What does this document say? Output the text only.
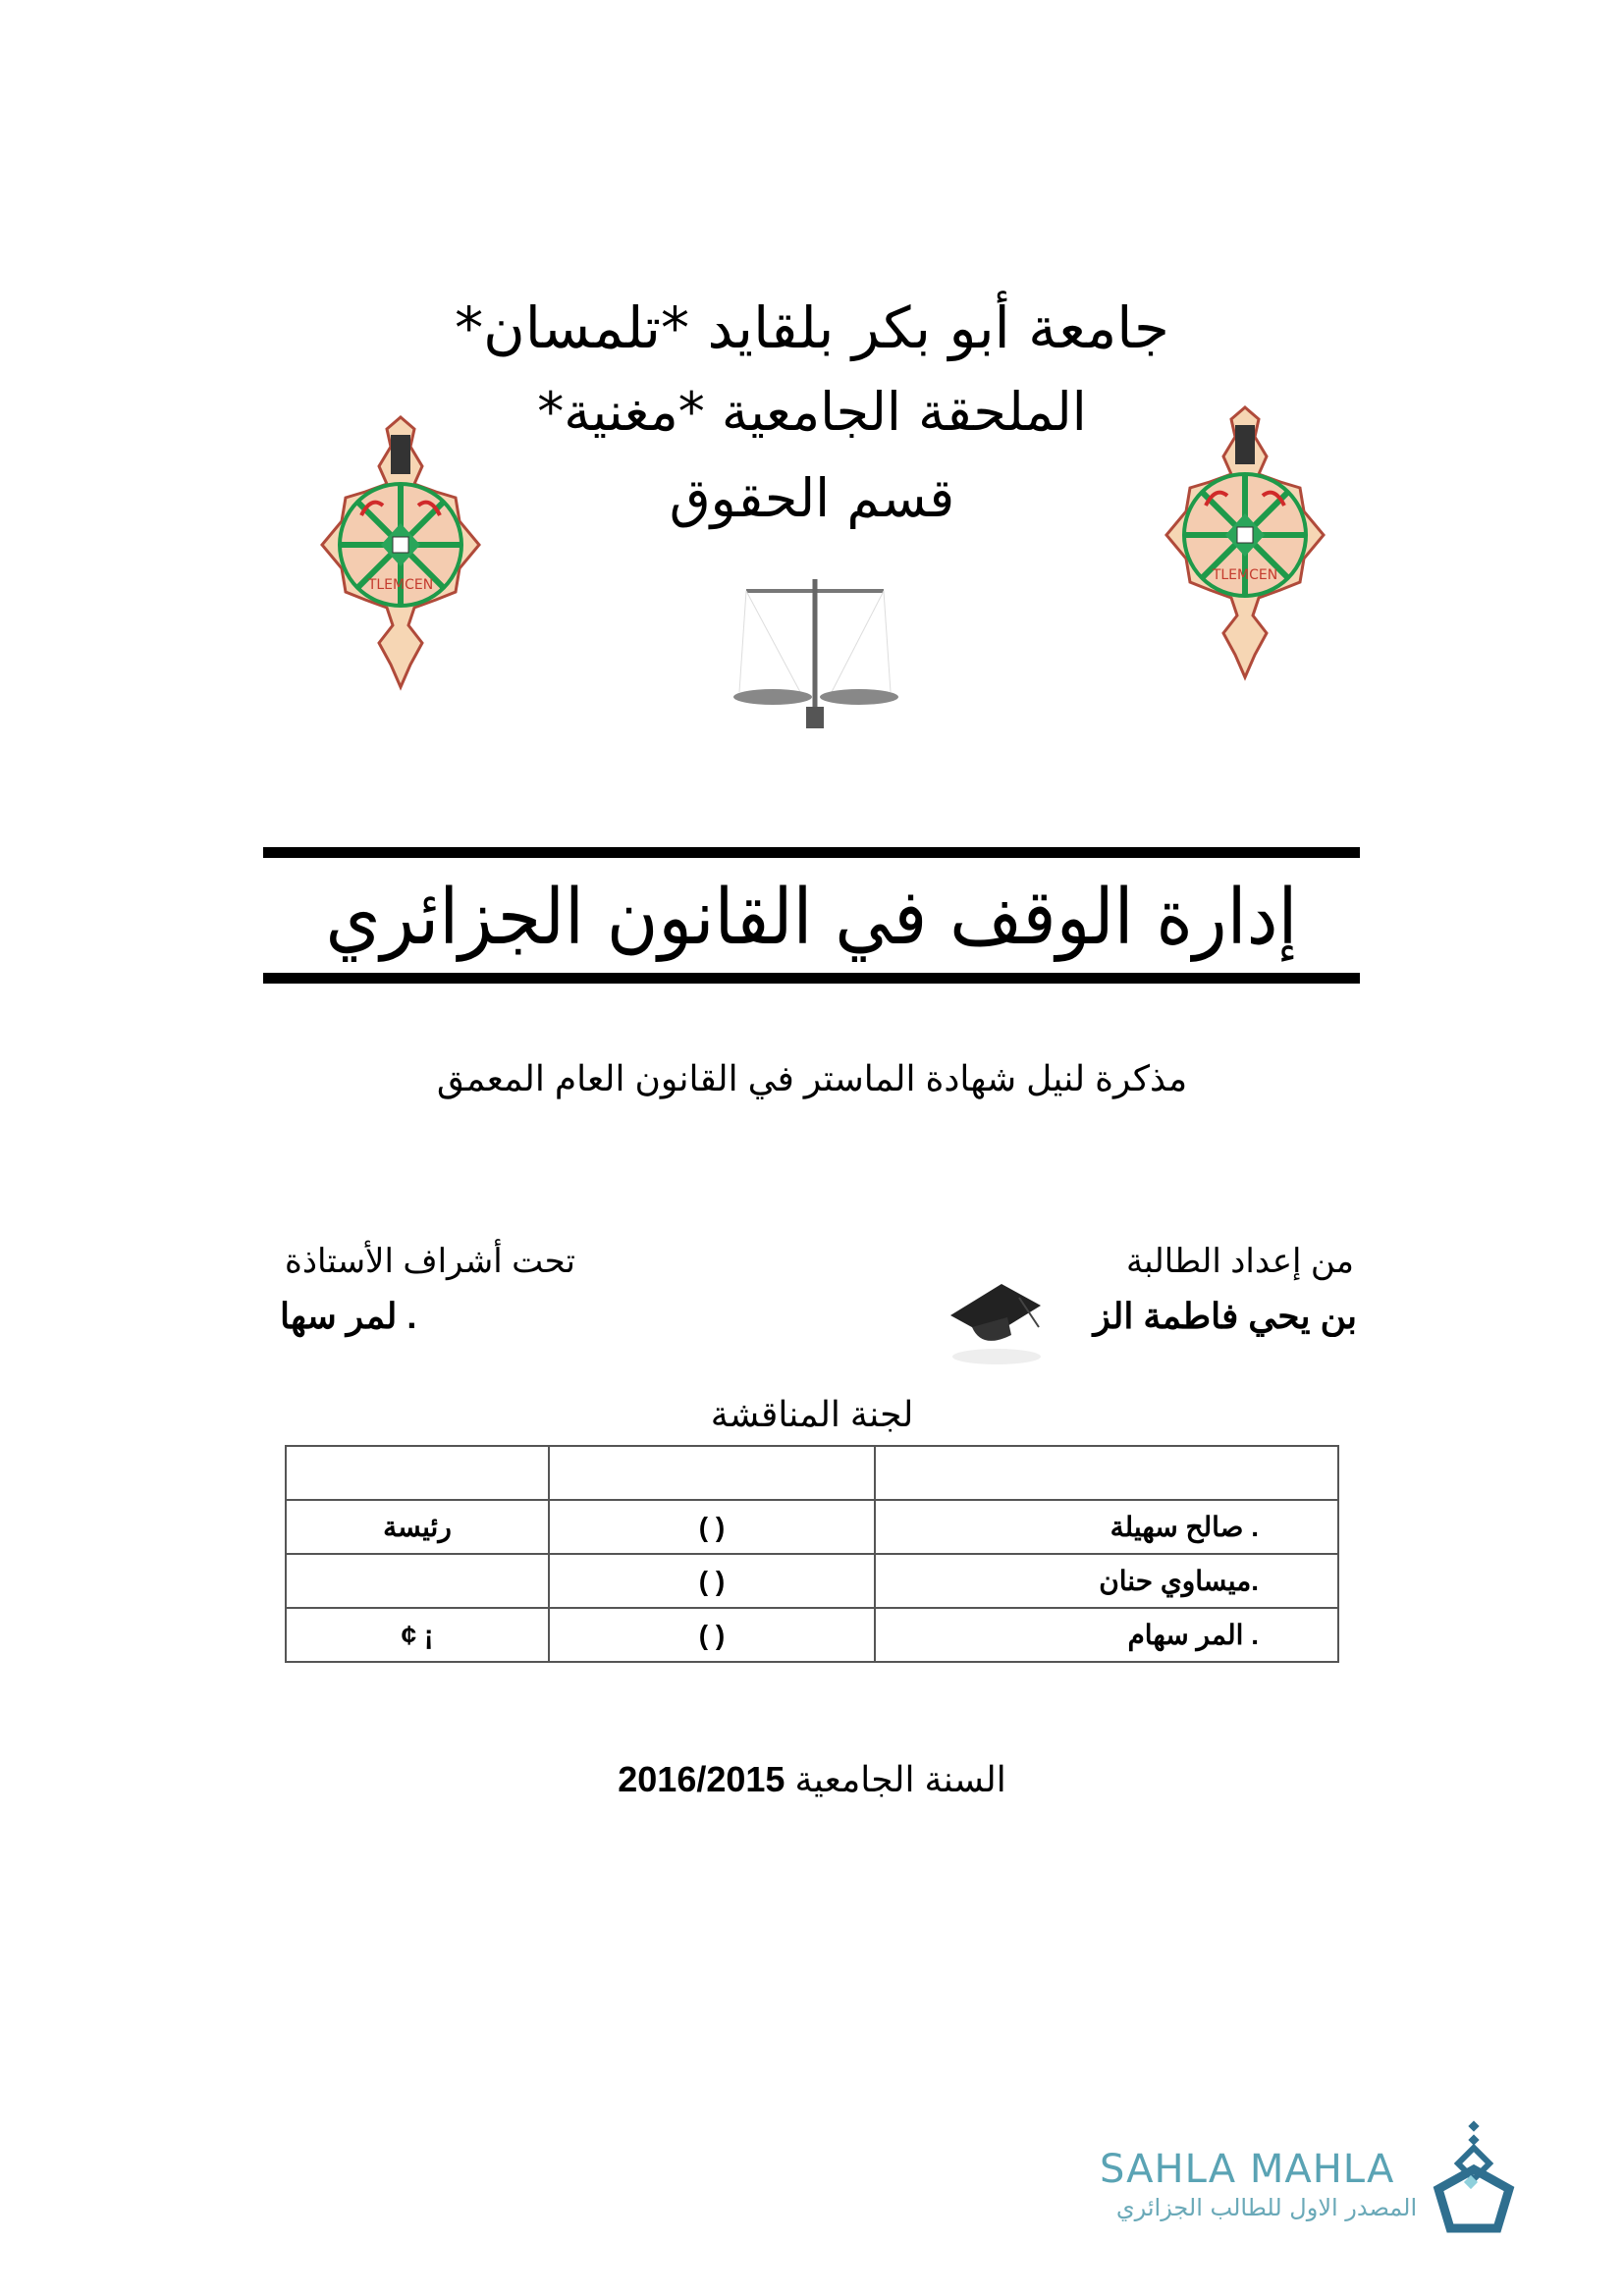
TLEMCEN
TLEMCEN
جامعة أبو بكر بلقايد *تلمسان*
الملحقة الجامعية *مغنية*
قسم الحقوق
إدارة الوقف في القانون الجزائري
مذكرة لنيل شهادة الماستر في القانون العام المعمق
من إعداد الطالبة
بن يحي فاطمة الز
تحت أشراف الأستاذة
. لمر سها
لجنة المناقشة

. صالح سهيلة	( )	رئيسة
.ميساوي حنان	( )	
. المر سهام	( )	¡ ¢
السنة الجامعية 2016/2015
SAHLA MAHLA
المصدر الاول للطالب الجزائري
